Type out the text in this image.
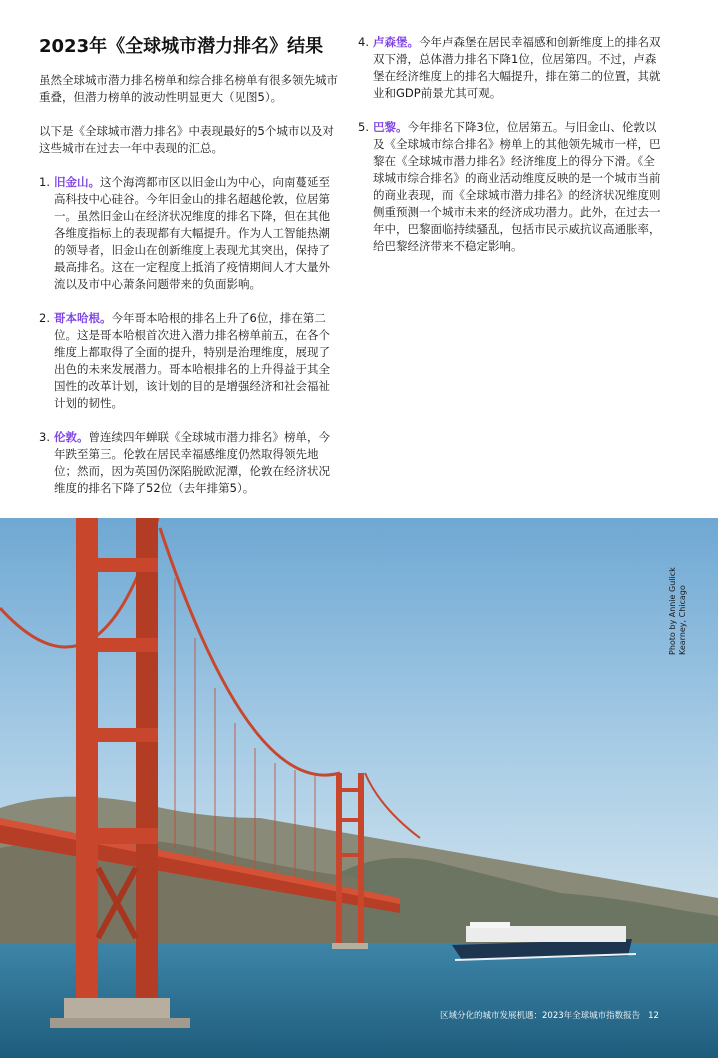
2023年《全球城市潜力排名》结果

虽然全球城市潜力排名榜单和综合排名榜单有很多领先城市重叠，但潜力榜单的波动性明显更大（见图5）。

以下是《全球城市潜力排名》中表现最好的5个城市以及对这些城市在过去一年中表现的汇总。

1. 旧金山。这个海湾都市区以旧金山为中心，向南蔓延至高科技中心硅谷。今年旧金山的排名超越伦敦，位居第一。虽然旧金山在经济状况维度的排名下降，但在其他各维度指标上的表现都有大幅提升。作为人工智能热潮的领导者，旧金山在创新维度上表现尤其突出，保持了最高排名。这在一定程度上抵消了疫情期间人才大量外流以及市中心萧条问题带来的负面影响。
2. 哥本哈根。今年哥本哈根的排名上升了6位，排在第二位。这是哥本哈根首次进入潜力排名榜单前五，在各个维度上都取得了全面的提升，特别是治理维度，展现了出色的未来发展潜力。哥本哈根排名的上升得益于其全国性的改革计划，该计划的目的是增强经济和社会福祉计划的韧性。
3. 伦敦。曾连续四年蝉联《全球城市潜力排名》榜单，今年跌至第三。伦敦在居民幸福感维度仍然取得领先地位；然而，因为英国仍深陷脱欧泥潭，伦敦在经济状况维度的排名下降了52位（去年排第5）。
4. 卢森堡。今年卢森堡在居民幸福感和创新维度上的排名双双下滑，总体潜力排名下降1位，位居第四。不过，卢森堡在经济维度上的排名大幅提升，排在第二的位置，其就业和GDP前景尤其可观。
5. 巴黎。今年排名下降3位，位居第五。与旧金山、伦敦以及《全球城市综合排名》榜单上的其他领先城市一样，巴黎在《全球城市潜力排名》经济维度上的得分下滑。《全球城市综合排名》的商业活动维度反映的是一个城市当前的商业表现，而《全球城市潜力排名》的经济状况维度则侧重预测一个城市未来的经济成功潜力。此外，在过去一年中，巴黎面临持续骚乱，包括市民示威抗议高通胀率，给巴黎经济带来不稳定影响。
Photo by Annie Gulick Kearney, Chicago
区域分化的城市发展机遇：2023年全球城市指数报告 12
